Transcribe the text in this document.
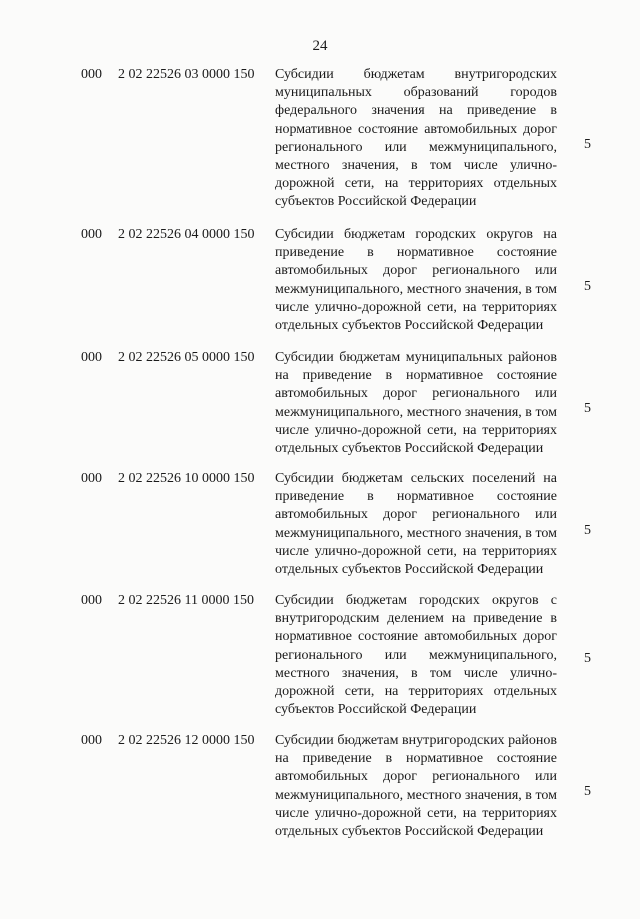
24
000 2 02 22526 03 0000 150 Субсидии бюджетам внутригородских муниципальных образований городов федерального значения на приведение в нормативное состояние автомобильных дорог регионального или межмуниципального, местного значения, в том числе улично-дорожной сети, на территориях отдельных субъектов Российской Федерации
5
000 2 02 22526 04 0000 150 Субсидии бюджетам городских округов на приведение в нормативное состояние автомобильных дорог регионального или межмуниципального, местного значения, в том числе улично-дорожной сети, на территориях отдельных субъектов Российской Федерации
5
000 2 02 22526 05 0000 150 Субсидии бюджетам муниципальных районов на приведение в нормативное состояние автомобильных дорог регионального или межмуниципального, местного значения, в том числе улично-дорожной сети, на территориях отдельных субъектов Российской Федерации
5
000 2 02 22526 10 0000 150 Субсидии бюджетам сельских поселений на приведение в нормативное состояние автомобильных дорог регионального или межмуниципального, местного значения, в том числе улично-дорожной сети, на территориях отдельных субъектов Российской Федерации
5
000 2 02 22526 11 0000 150 Субсидии бюджетам городских округов с внутригородским делением на приведение в нормативное состояние автомобильных дорог регионального или межмуниципального, местного значения, в том числе улично-дорожной сети, на территориях отдельных субъектов Российской Федерации
5
000 2 02 22526 12 0000 150 Субсидии бюджетам внутригородских районов на приведение в нормативное состояние автомобильных дорог регионального или межмуниципального, местного значения, в том числе улично-дорожной сети, на территориях отдельных субъектов Российской Федерации
5
